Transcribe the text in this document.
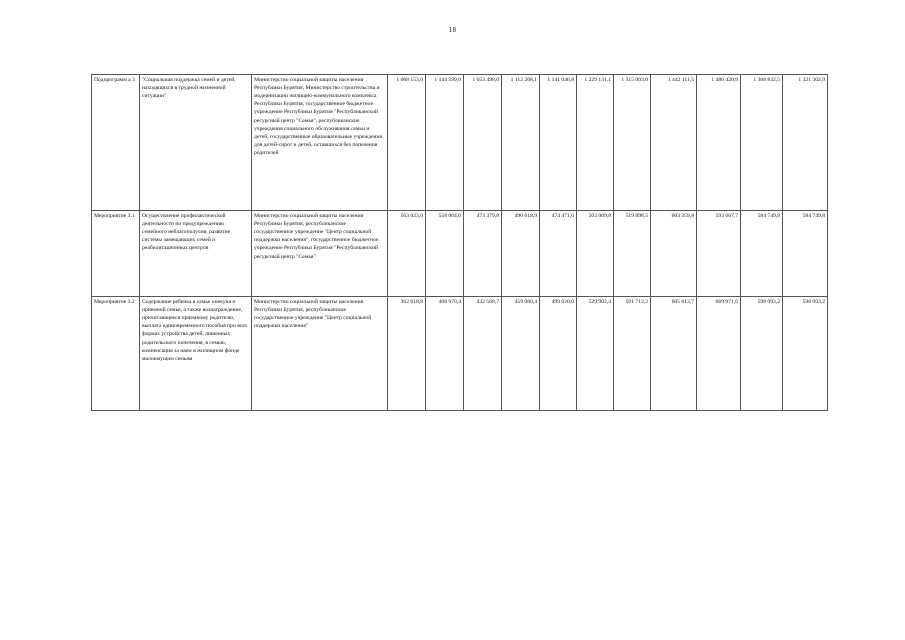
18
Подпрограмм а 3	"Социальная поддержка семей и детей, находящихся в трудной жизненной ситуации"	Министерство социальной защиты населения Республики Бурятия, Министерство строительства и модернизации жилищно-коммунального комплекса Республики Бурятия, государственное бюджетное учреждение Республики Бурятия "Республиканский ресурсный центр "Семья", республиканские учреждения социального обслуживания семьи и детей, государственные образовательные учреждения для детей-сирот и детей, оставшихся без попечения родителей	1 068 153,0	1 144 599,0	1 053 498,0	1 112 268,1	1 141 046,8	1 229 131,1	1 315 003,0	1 442 111,5	1 486 420,9	1 368 832,5	1 321 302,9
Мероприятие 3.1	Осуществление профилактической деятельности по предупреждению семейного неблагополучия, развитие системы замещающих семей и реабилитационных центров	Министерство социальной защиты населения Республики Бурятия, республиканское государственное учреждение "Центр социальной поддержки населения", государственное бюджетное учреждение Республики Бурятия "Республиканский ресурсный центр "Семья"	563 023,0	558 064,0	473 379,8	490 618,9	474 471,6	503 009,8	519 898,5	603 359,8	593 667,7	584 749,8	584 749,8
Мероприятие 3.2	Содержание ребенка в семье опекуна и приемной семье, а также вознаграждение, причитающееся приемному родителю, выплата единовременного пособия при всех формах устройства детей, лишенных родительского попечения, в семью, компенсация за наем в жилищном фонде малоимущим семьям	Министерство социальной защиты населения Республики Бурятия, республиканское государственное учреждение "Центр социальной поддержки населения"	362 618,8	408 970,4	432 568,7	459 080,4	499 020,0	529 902,4	591 713,2	605 613,7	669 971,6	598 093,2	598 093,2
